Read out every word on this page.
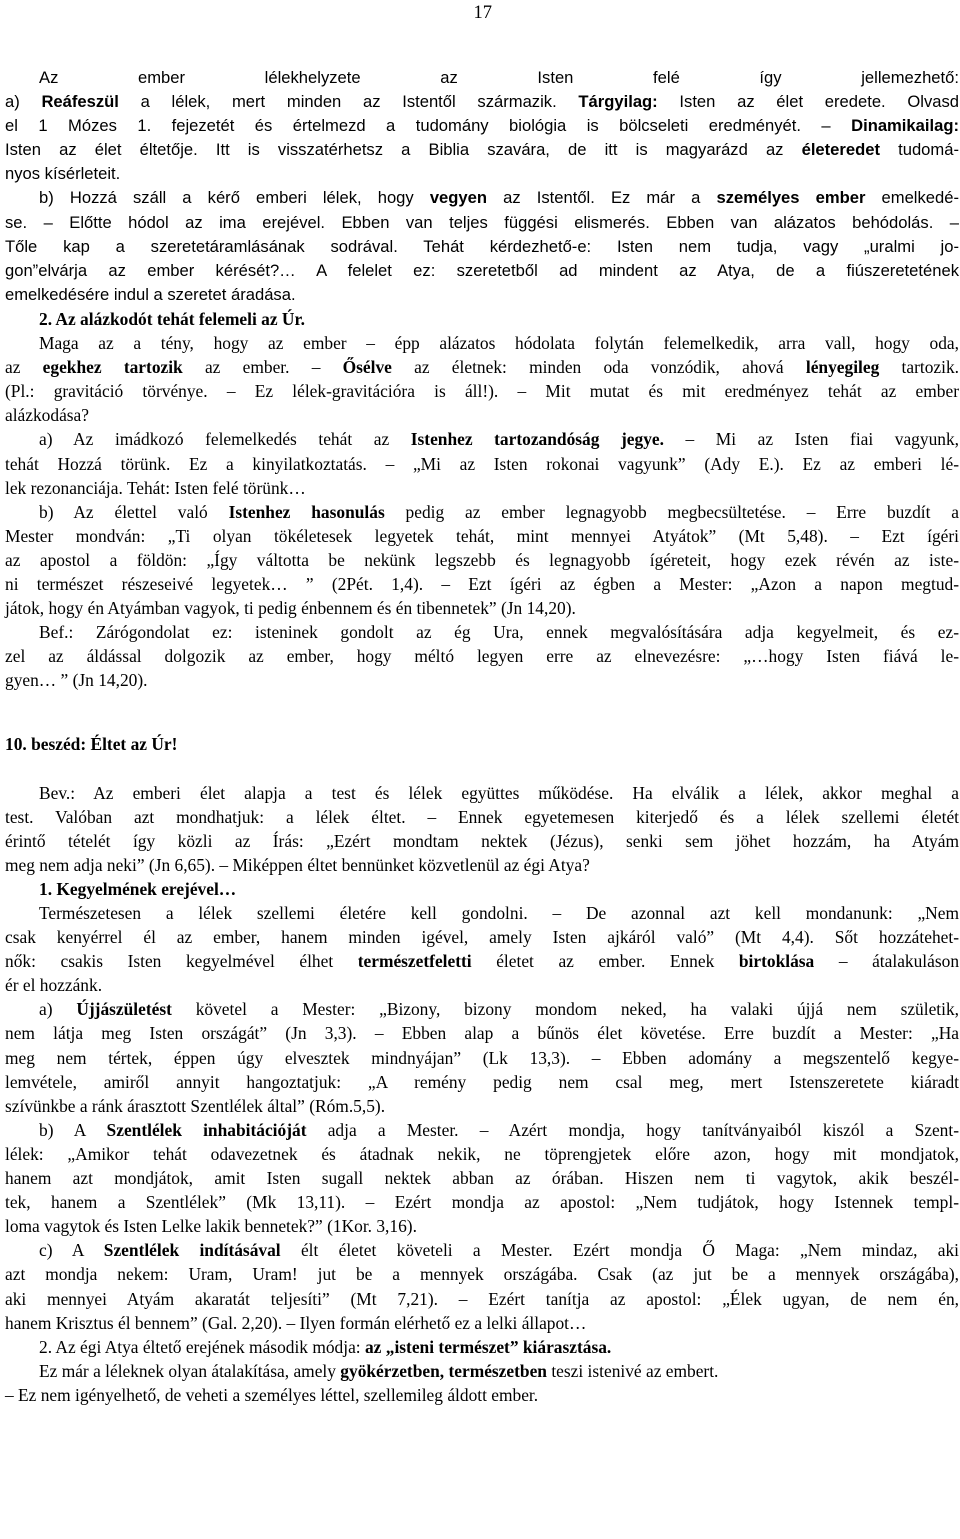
17
Az ember lélekhelyzete az Isten felé így jellemezhető:
a) Reáfeszül a lélek, mert minden az Istentől származik. Tárgyilag: Isten az élet eredete. Olvasd
el 1 Mózes 1. fejezetét és értelmezd a tudomány biológia is bölcseleti eredményét. – Dinamikailag:
Isten az élet éltetője. Itt is visszatérhetsz a Biblia szavára, de itt is magyarázd az életeredet tudomá-
nyos kísérleteit.
b) Hozzá száll a kérő emberi lélek, hogy vegyen az Istentől. Ez már a személyes ember emelkedé-
se. – Előtte hódol az ima erejével. Ebben van teljes függési elismerés. Ebben van alázatos behódolás. –
Tőle kap a szeretetáramlásának sodrával. Tehát kérdezhető-e: Isten nem tudja, vagy „uralmi jo-
gon”elvárja az ember kérését?… A felelet ez: szeretetből ad mindent az Atya, de a fiúszeretetének
emelkedésére indul a szeretet áradása.
2. Az alázkodót tehát felemeli az Úr.
Maga az a tény, hogy az ember – épp alázatos hódolata folytán felemelkedik, arra vall, hogy oda,
az egekhez tartozik az ember. – Ősélve az életnek: minden oda vonzódik, ahová lényegileg tartozik.
(Pl.: gravitáció törvénye. – Ez lélek-gravitációra is áll!). – Mit mutat és mit eredményez tehát az ember
alázkodása?
a) Az imádkozó felemelkedés tehát az Istenhez tartozandóság jegye. – Mi az Isten fiai vagyunk,
tehát Hozzá törünk. Ez a kinyilatkoztatás. – „Mi az Isten rokonai vagyunk” (Ady E.). Ez az emberi lé-
lek rezonanciája. Tehát: Isten felé törünk…
b) Az élettel való Istenhez hasonulás pedig az ember legnagyobb megbecsültetése. – Erre buzdít a
Mester mondván: „Ti olyan tökéletesek legyetek tehát, mint mennyei Atyátok” (Mt 5,48). – Ezt ígéri
az apostol a földön: „Így váltotta be nekünk legszebb és legnagyobb ígéreteit, hogy ezek révén az iste-
ni természet részeseivé legyetek… ” (2Pét. 1,4). – Ezt ígéri az égben a Mester: „Azon a napon megtud-
játok, hogy én Atyámban vagyok, ti pedig énbennem és én tibennetek” (Jn 14,20).
Bef.: Zárógondolat ez: isteninek gondolt az ég Ura, ennek megvalósítására adja kegyelmeit, és ez-
zel az áldással dolgozik az ember, hogy méltó legyen erre az elnevezésre: „…hogy Isten fiává le-
gyen… ” (Jn 14,20).
10. beszéd: Éltet az Úr!
Bev.: Az emberi élet alapja a test és lélek együttes működése. Ha elválik a lélek, akkor meghal a
test. Valóban azt mondhatjuk: a lélek éltet. – Ennek egyetemesen kiterjedő és a lélek szellemi életét
érintő tételét így közli az Írás: „Ezért mondtam nektek (Jézus), senki sem jöhet hozzám, ha Atyám
meg nem adja neki” (Jn 6,65). – Miképpen éltet bennünket közvetlenül az égi Atya?
1. Kegyelmének erejével…
Természetesen a lélek szellemi életére kell gondolni. – De azonnal azt kell mondanunk: „Nem
csak kenyérrel él az ember, hanem minden igével, amely Isten ajkáról való” (Mt 4,4). Sőt hozzátehet-
nők: csakis Isten kegyelmével élhet természetfeletti életet az ember. Ennek birtoklása – átalakuláson
ér el hozzánk.
a) Újjászületést követel a Mester: „Bizony, bizony mondom neked, ha valaki újjá nem születik,
nem látja meg Isten országát” (Jn 3,3). – Ebben alap a bűnös élet követése. Erre buzdít a Mester: „Ha
meg nem tértek, éppen úgy elvesztek mindnyájan” (Lk 13,3). – Ebben adomány a megszentelő kegye-
lemvétele, amiről annyit hangoztatjuk: „A remény pedig nem csal meg, mert Istenszeretete kiáradt
szívünkbe a ránk árasztott Szentlélek által” (Róm.5,5).
b) A Szentlélek inhabitációját adja a Mester. – Azért mondja, hogy tanítványaiból kiszól a Szent-
lélek: „Amikor tehát odavezetnek és átadnak nekik, ne töprengjetek előre azon, hogy mit mondjatok,
hanem azt mondjátok, amit Isten sugall nektek abban az órában. Hiszen nem ti vagytok, akik beszél-
tek, hanem a Szentlélek” (Mk 13,11). – Ezért mondja az apostol: „Nem tudjátok, hogy Istennek templ-
loma vagytok és Isten Lelke lakik bennetek?” (1Kor. 3,16).
c) A Szentlélek indításával élt életet követeli a Mester. Ezért mondja Ő Maga: „Nem mindaz, aki
azt mondja nekem: Uram, Uram! jut be a mennyek országába. Csak (az jut be a mennyek országába),
aki mennyei Atyám akaratát teljesíti” (Mt 7,21). – Ezért tanítja az apostol: „Élek ugyan, de nem én,
hanem Krisztus él bennem” (Gal. 2,20). – Ilyen formán elérhető ez a lelki állapot…
2. Az égi Atya éltető erejének második módja: az „isteni természet” kiárasztása.
Ez már a léleknek olyan átalakítása, amely gyökérzetben, természetben teszi istenivé az embert.
– Ez nem igényelhető, de veheti a személyes léttel, szellemileg áldott ember.
